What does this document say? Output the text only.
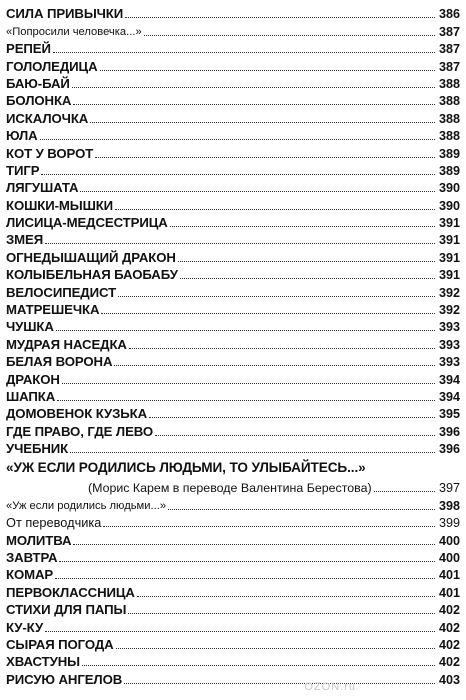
СИЛА ПРИВЫЧКИ	386
«Попросили человечка...»	387
РЕПЕЙ	387
ГОЛОЛЕДИЦА	387
БАЮ-БАЙ	388
БОЛОНКА	388
ИСКАЛОЧКА	388
ЮЛА	388
КОТ У ВОРОТ	389
ТИГР	389
ЛЯГУШАТА	390
КОШКИ-МЫШКИ	390
ЛИСИЦА-МЕДСЕСТРИЦА	391
ЗМЕЯ	391
ОГНЕДЫШАЩИЙ ДРАКОН	391
КОЛЫБЕЛЬНАЯ БАОБАБУ	391
ВЕЛОСИПЕДИСТ	392
МАТРЕШЕЧКА	392
ЧУШКА	393
МУДРАЯ НАСЕДКА	393
БЕЛАЯ ВОРОНА	393
ДРАКОН	394
ШАПКА	394
ДОМОВЕНОК КУЗЬКА	395
ГДЕ ПРАВО, ГДЕ ЛЕВО	396
УЧЕБНИК	396
«УЖ ЕСЛИ РОДИЛИСЬ ЛЮДЬМИ, ТО УЛЫБАЙТЕСЬ...»
(Морис Карем в переводе Валентина Берестова)	397
«Уж если родились людьми...»	398
От переводчика	399
МОЛИТВА	400
ЗАВТРА	400
КОМАР	401
ПЕРВОКЛАССНИЦА	401
СТИХИ ДЛЯ ПАПЫ	402
КУ-КУ	402
СЫРАЯ ПОГОДА	402
ХВАСТУНЫ	402
РИСУЮ АНГЕЛОВ	403
OZON.ru
